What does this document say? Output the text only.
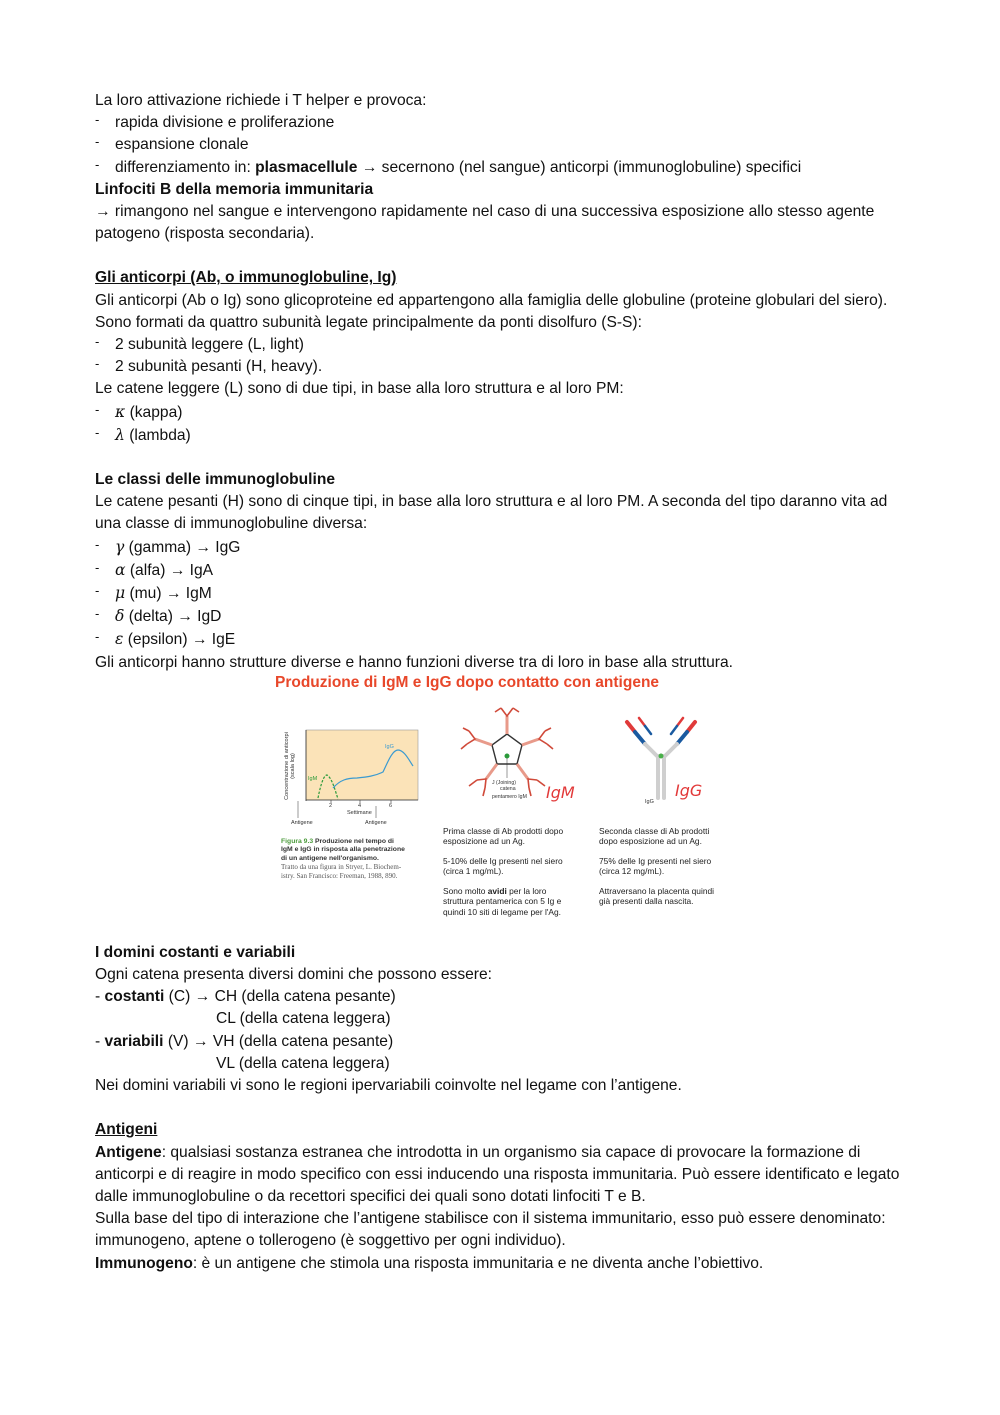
La loro attivazione richiede i T helper e provoca:
- rapida divisione e proliferazione
- espansione clonale
- differenziamento in: plasmacellule → secernono (nel sangue) anticorpi (immunoglobuline) specifici
Linfociti B della memoria immunitaria
→ rimangono nel sangue e intervengono rapidamente nel caso di una successiva esposizione allo stesso agente patogeno (risposta secondaria).
Gli anticorpi (Ab, o immunoglobuline, Ig)
Gli anticorpi (Ab o Ig) sono glicoproteine ed appartengono alla famiglia delle globuline (proteine globulari del siero). Sono formati da quattro subunità legate principalmente da ponti disolfuro (S-S):
- 2 subunità leggere (L, light)
- 2 subunità pesanti (H, heavy).
Le catene leggere (L) sono di due tipi, in base alla loro struttura e al loro PM:
- κ (kappa)
- λ (lambda)
Le classi delle immunoglobuline
Le catene pesanti (H) sono di cinque tipi, in base alla loro struttura e al loro PM. A seconda del tipo daranno vita ad una classe di immunoglobuline diversa:
- γ (gamma) → IgG
- α (alfa) → IgA
- μ (mu) → IgM
- δ (delta) → IgD
- ε (epsilon) → IgE
Gli anticorpi hanno strutture diverse e hanno funzioni diverse tra di loro in base alla struttura.
Produzione di IgM e IgG dopo contatto con antigene
Concentrazione di anticorpi (scala log)
IgM
IgG
2	4	6
Settimane
Antigene	Antigene
J (Joining)
catena
pentamero IgM IgM	IgG
IgG
Figura 9.3 Produzione nel tempo di
IgM e IgG in risposta alla penetrazione
di un antigene nell'organismo.
Tratto da una figura in Stryer, L. Biochem-
istry. San Francisco: Freeman, 1988, 890.

Prima classe di Ab prodotti dopo
esposizione ad un Ag.

5-10% delle Ig presenti nel siero
(circa 1 mg/mL).

Sono molto avidi per la loro
struttura pentamerica con 5 Ig e
quindi 10 siti di legame per l'Ag.

Seconda classe di Ab prodotti
dopo esposizione ad un Ag.

75% delle Ig presenti nel siero
(circa 12 mg/mL).

Attraversano la placenta quindi
già presenti dalla nascita.

I domini costanti e variabili
Ogni catena presenta diversi domini che possono essere:
- costanti (C) → CH (della catena pesante)
CL (della catena leggera)
- variabili (V) → VH (della catena pesante)
VL (della catena leggera)
Nei domini variabili vi sono le regioni ipervariabili coinvolte nel legame con l’antigene.
Antigeni
Antigene: qualsiasi sostanza estranea che introdotta in un organismo sia capace di provocare la formazione di anticorpi e di reagire in modo specifico con essi inducendo una risposta immunitaria. Può essere identificato e legato dalle immunoglobuline o da recettori specifici dei quali sono dotati linfociti T e B.
Sulla base del tipo di interazione che l’antigene stabilisce con il sistema immunitario, esso può essere denominato: immunogeno, aptene o tollerogeno (è soggettivo per ogni individuo).
Immunogeno: è un antigene che stimola una risposta immunitaria e ne diventa anche l’obiettivo.
